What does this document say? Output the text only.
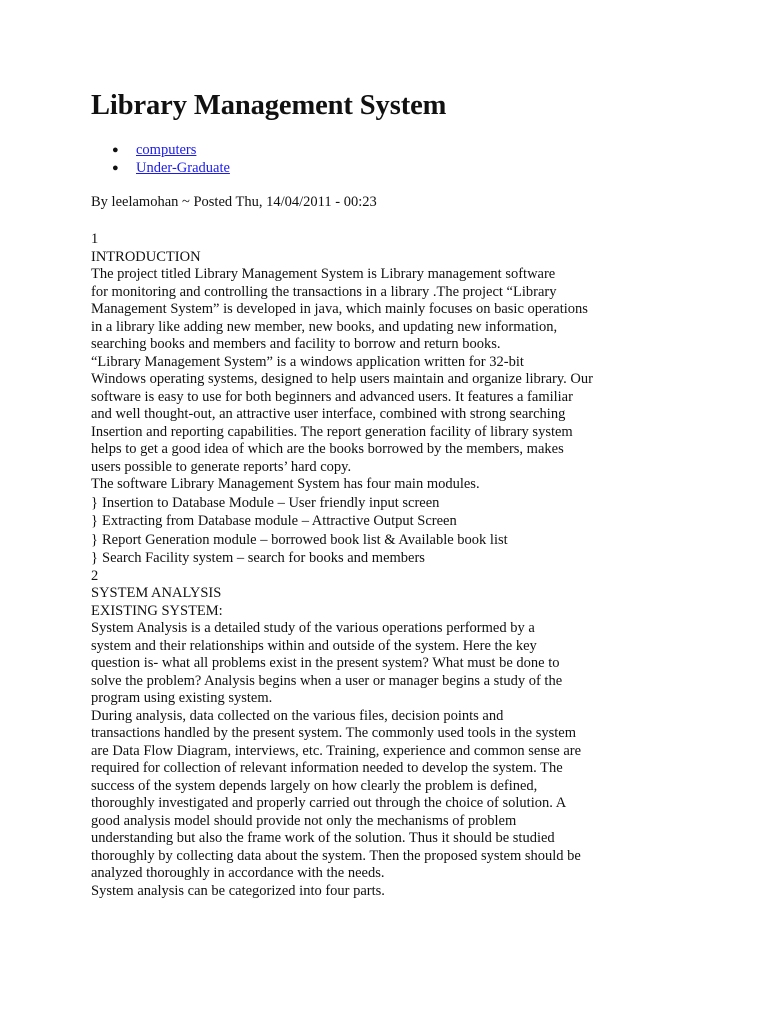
Library Management System
● computers
● Under-Graduate
By leelamohan ~ Posted Thu, 14/04/2011 - 00:23
1
INTRODUCTION
The project titled Library Management System is Library management software
for monitoring and controlling the transactions in a library .The project “Library
Management System” is developed in java, which mainly focuses on basic operations
in a library like adding new member, new books, and updating new information,
searching books and members and facility to borrow and return books.
“Library Management System” is a windows application written for 32-bit
Windows operating systems, designed to help users maintain and organize library. Our
software is easy to use for both beginners and advanced users. It features a familiar
and well thought-out, an attractive user interface, combined with strong searching
Insertion and reporting capabilities. The report generation facility of library system
helps to get a good idea of which are the books borrowed by the members, makes
users possible to generate reports’ hard copy.
The software Library Management System has four main modules.
} Insertion to Database Module – User friendly input screen
} Extracting from Database module – Attractive Output Screen
} Report Generation module – borrowed book list & Available book list
} Search Facility system – search for books and members
2
SYSTEM ANALYSIS
EXISTING SYSTEM:
System Analysis is a detailed study of the various operations performed by a
system and their relationships within and outside of the system. Here the key
question is- what all problems exist in the present system? What must be done to
solve the problem? Analysis begins when a user or manager begins a study of the
program using existing system.
During analysis, data collected on the various files, decision points and
transactions handled by the present system. The commonly used tools in the system
are Data Flow Diagram, interviews, etc. Training, experience and common sense are
required for collection of relevant information needed to develop the system. The
success of the system depends largely on how clearly the problem is defined,
thoroughly investigated and properly carried out through the choice of solution. A
good analysis model should provide not only the mechanisms of problem
understanding but also the frame work of the solution. Thus it should be studied
thoroughly by collecting data about the system. Then the proposed system should be
analyzed thoroughly in accordance with the needs.
System analysis can be categorized into four parts.
